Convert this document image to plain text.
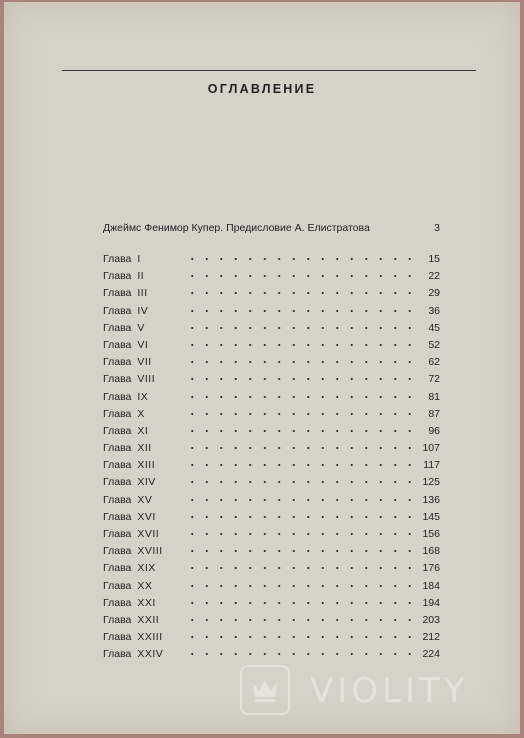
ОГЛАВЛЕНИЕ
Джеймс Фенимор Купер. Предисловие А. Елистратова	3
Глава I	15
Глава II	22
Глава III	29
Глава IV	36
Глава V	45
Глава VI	52
Глава VII	62
Глава VIII	72
Глава IX	81
Глава X	87
Глава XI	96
Глава XII	107
Глава XIII	117
Глава XIV	125
Глава XV	136
Глава XVI	145
Глава XVII	156
Глава XVIII	168
Глава XIX	176
Глава XX	184
Глава XXI	194
Глава XXII	203
Глава XXIII	212
Глава XXIV	224
VIOLITY
